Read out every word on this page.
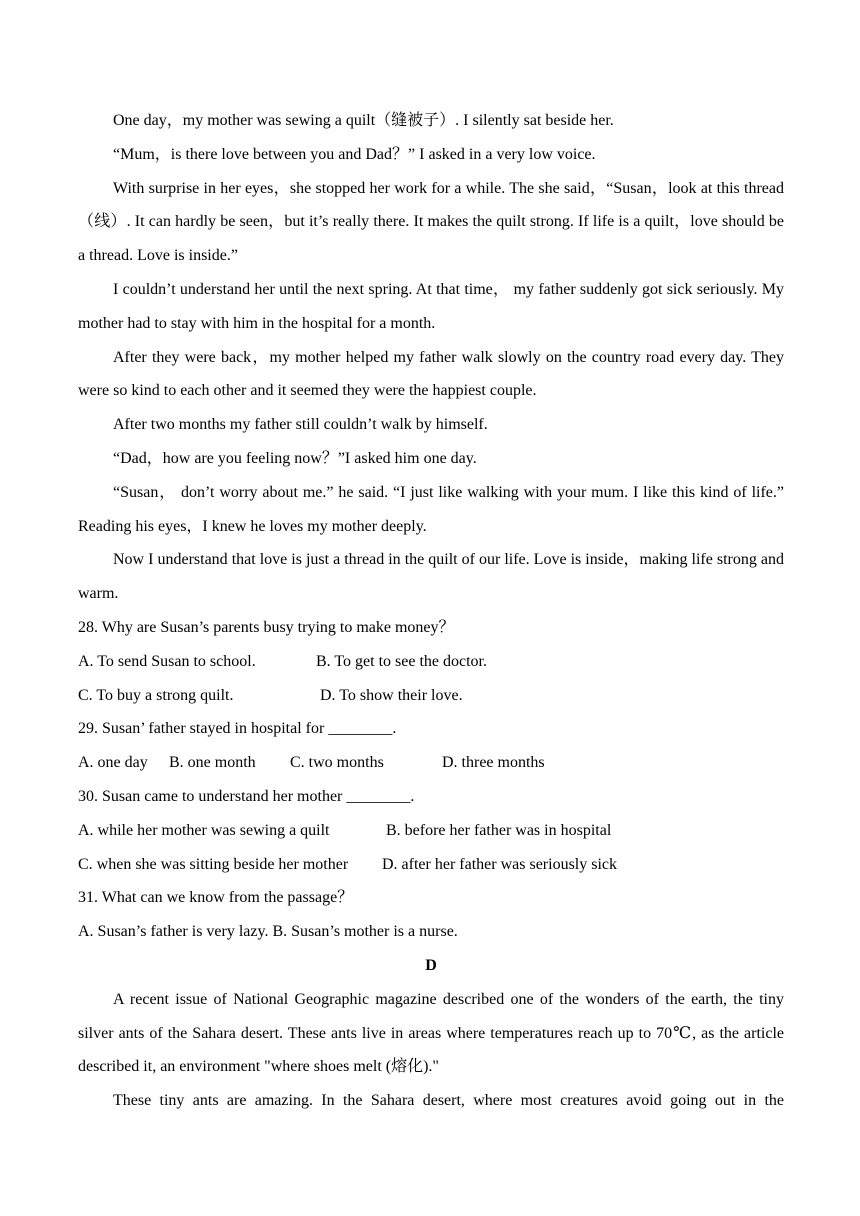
One day，my mother was sewing a quilt（缝被子）. I silently sat beside her.

“Mum，is there love between you and Dad？” I asked in a very low voice.

With surprise in her eyes，she stopped her work for a while. The she said，“Susan，look at this thread（线）. It can hardly be seen，but it’s really there. It makes the quilt strong. If life is a quilt，love should be a thread. Love is inside.”

I couldn’t understand her until the next spring. At that time， my father suddenly got sick seriously. My mother had to stay with him in the hospital for a month.

After they were back，my mother helped my father walk slowly on the country road every day. They were so kind to each other and it seemed they were the happiest couple.

After two months my father still couldn’t walk by himself.

“Dad，how are you feeling now？”I asked him one day.

“Susan， don’t worry about me.” he said. “I just like walking with your mum. I like this kind of life.” Reading his eyes，I knew he loves my mother deeply.

Now I understand that love is just a thread in the quilt of our life. Love is inside，making life strong and warm.

28. Why are Susan’s parents busy trying to make money？

A. To send Susan to school.	B. To get to see the doctor.
C. To buy a strong quilt.	D. To show their love.

29. Susan’ father stayed in hospital for ________.

A. one day B. one month C. two months	D. three months

30. Susan came to understand her mother ________.

A. while her mother was sewing a quilt	B. before her father was in hospital
C. when she was sitting beside her mother D. after her father was seriously sick

31. What can we know from the passage？

A. Susan’s father is very lazy. B. Susan’s mother is a nurse.

D

A recent issue of National Geographic magazine described one of the wonders of the earth, the tiny silver ants of the Sahara desert. These ants live in areas where temperatures reach up to 70℃, as the article described it, an environment "where shoes melt (熔化)."

These tiny ants are amazing. In the Sahara desert, where most creatures avoid going out in the
